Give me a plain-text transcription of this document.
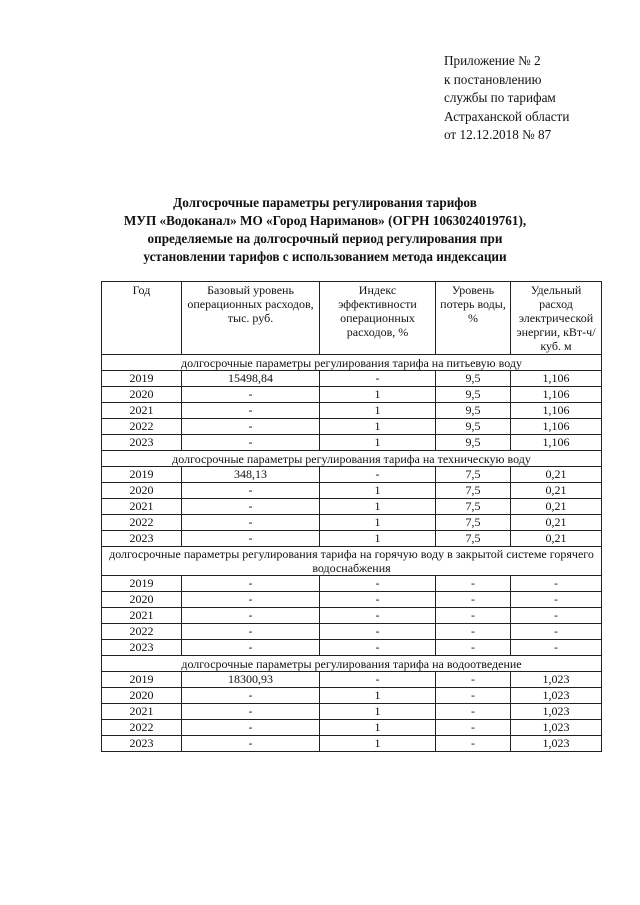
Приложение № 2
к постановлению
службы по тарифам
Астраханской области
от 12.12.2018 № 87
Долгосрочные параметры регулирования тарифов
МУП «Водоканал» МО «Город Нариманов» (ОГРН 1063024019761),
определяемые на долгосрочный период регулирования при
установлении тарифов с использованием метода индексации
Год	Базовый уровень операционных расходов, тыс. руб.	Индекс эффективности операционных расходов, %	Уровень потерь воды, %	Удельный расход электрической энергии, кВт-ч/куб. м
долгосрочные параметры регулирования тарифа на питьевую воду				
2019	15498,84	-	9,5	1,106
2020	-	1	9,5	1,106
2021	-	1	9,5	1,106
2022	-	1	9,5	1,106
2023	-	1	9,5	1,106
долгосрочные параметры регулирования тарифа на техническую воду				
2019	348,13	-	7,5	0,21
2020	-	1	7,5	0,21
2021	-	1	7,5	0,21
2022	-	1	7,5	0,21
2023	-	1	7,5	0,21
долгосрочные параметры регулирования тарифа на горячую воду в закрытой системе горячего водоснабжения				
2019	-	-	-	-
2020	-	-	-	-
2021	-	-	-	-
2022	-	-	-	-
2023	-	-	-	-
долгосрочные параметры регулирования тарифа на водоотведение				
2019	18300,93	-	-	1,023
2020	-	1	-	1,023
2021	-	1	-	1,023
2022	-	1	-	1,023
2023	-	1	-	1,023
